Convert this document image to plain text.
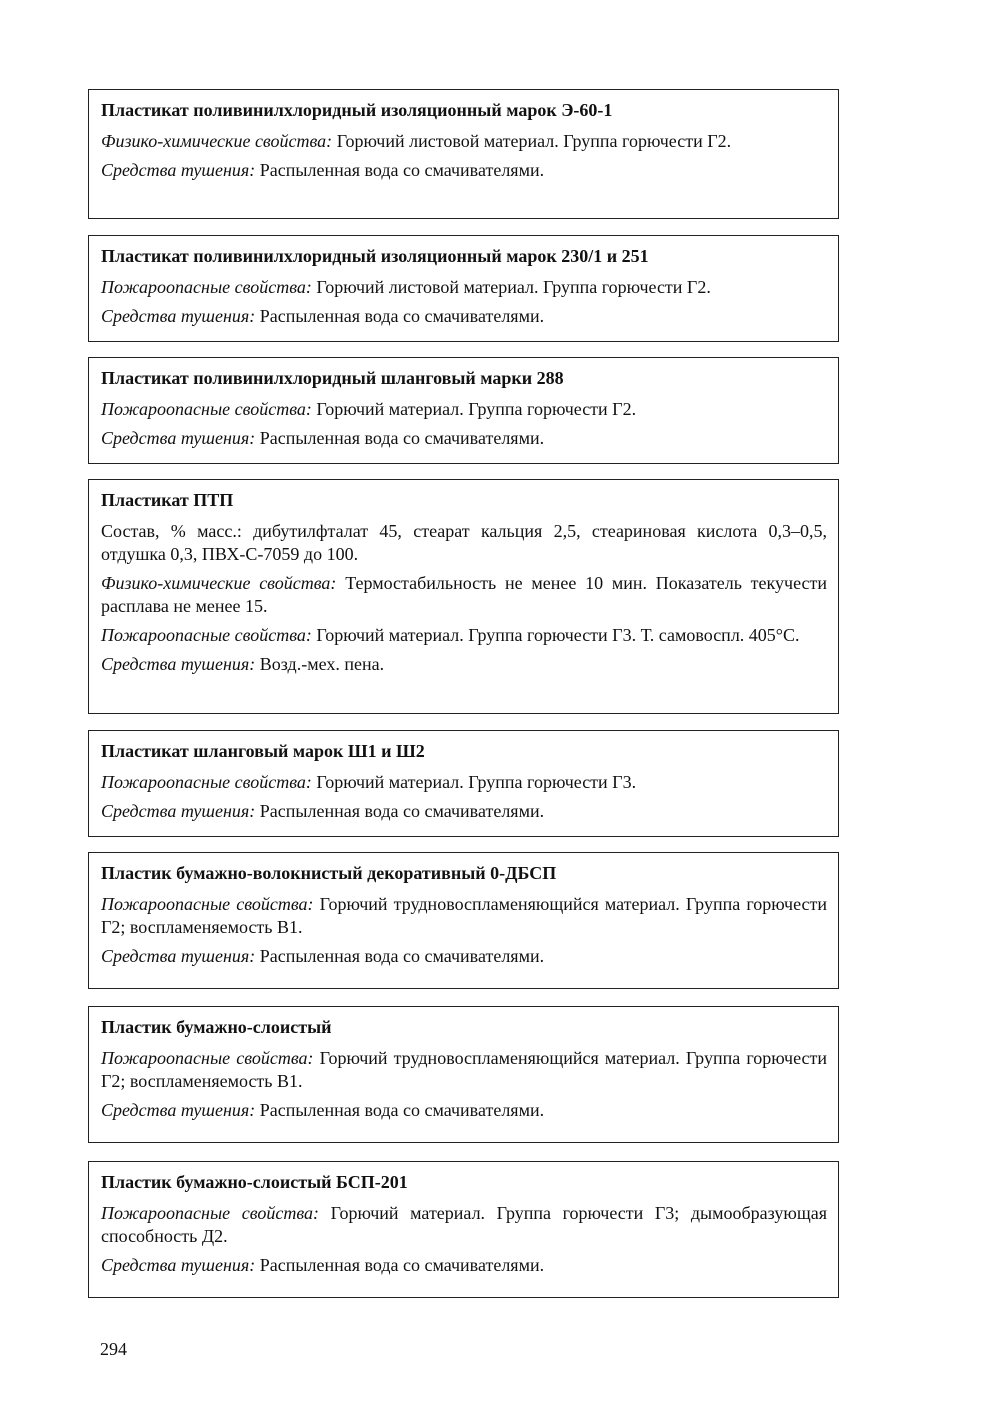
Пластикат поливинилхлоридный изоляционный марок Э-60-1

Физико-химические свойства: Горючий листовой материал. Группа горючести Г2.

Средства тушения: Распыленная вода со смачивателями.

Пластикат поливинилхлоридный изоляционный марок 230/1 и 251

Пожароопасные свойства: Горючий листовой материал. Группа горючести Г2.

Средства тушения: Распыленная вода со смачивателями.

Пластикат поливинилхлоридный шланговый марки 288

Пожароопасные свойства: Горючий материал. Группа горючести Г2.

Средства тушения: Распыленная вода со смачивателями.

Пластикат ПТП

Состав, % масс.: дибутилфталат 45, стеарат кальция 2,5, стеариновая кислота 0,3–0,5, отдушка 0,3, ПВХ-С-7059 до 100.

Физико-химические свойства: Термостабильность не менее 10 мин. Показатель текучести расплава не менее 15.

Пожароопасные свойства: Горючий материал. Группа горючести Г3. Т. самовоспл. 405°С.

Средства тушения: Возд.-мех. пена.

Пластикат шланговый марок Ш1 и Ш2

Пожароопасные свойства: Горючий материал. Группа горючести Г3.

Средства тушения: Распыленная вода со смачивателями.

Пластик бумажно-волокнистый декоративный 0-ДБСП

Пожароопасные свойства: Горючий трудновоспламеняющийся материал. Группа горючести Г2; воспламеняемость В1.

Средства тушения: Распыленная вода со смачивателями.

Пластик бумажно-слоистый

Пожароопасные свойства: Горючий трудновоспламеняющийся материал. Группа горючести Г2; воспламеняемость В1.

Средства тушения: Распыленная вода со смачивателями.

Пластик бумажно-слоистый БСП-201

Пожароопасные свойства: Горючий материал. Группа горючести Г3; дымообразующая способность Д2.

Средства тушения: Распыленная вода со смачивателями.

294
